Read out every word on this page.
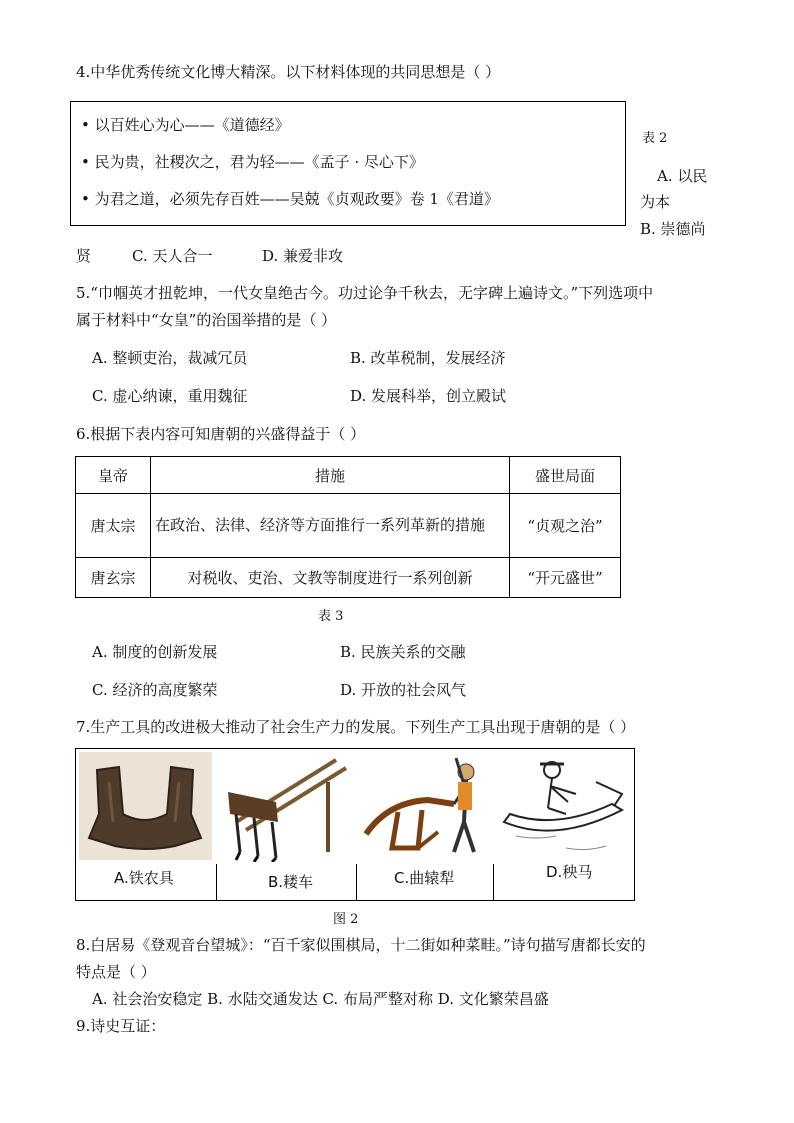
4.中华优秀传统文化博大精深。以下材料体现的共同思想是（ ）
• 以百姓心为心——《道德经》
• 民为贵，社稷次之，君为轻——《孟子 · 尽心下》
• 为君之道，必须先存百姓——吴兢《贞观政要》卷 1《君道》
表 2
A. 以民
为本
B. 崇德尚
贤	C. 天人合一	D. 兼爱非攻
5.“巾帼英才扭乾坤，一代女皇绝古今。功过论争千秋去，无字碑上遍诗文。”下列选项中
属于材料中“女皇”的治国举措的是（ ）
A. 整顿吏治，裁减冗员	B. 改革税制，发展经济
C. 虚心纳谏，重用魏征	D. 发展科举，创立殿试
6.根据下表内容可知唐朝的兴盛得益于（ ）
皇帝	措施	盛世局面
唐太宗	在政治、法律、经济等方面推行一系列革新的措施	“贞观之治”
唐玄宗	对税收、吏治、文教等制度进行一系列创新	“开元盛世”
表 3
A. 制度的创新发展	B. 民族关系的交融
C. 经济的高度繁荣	D. 开放的社会风气
7.生产工具的改进极大推动了社会生产力的发展。下列生产工具出现于唐朝的是（ ）
A.铁农具	B.耧车	C.曲辕犁	D.秧马
图 2
8.白居易《登观音台望城》：“百千家似围棋局，十二街如种菜畦。”诗句描写唐都长安的
特点是（ ）
A. 社会治安稳定 B. 水陆交通发达 C. 布局严整对称 D. 文化繁荣昌盛
9.诗史互证：
